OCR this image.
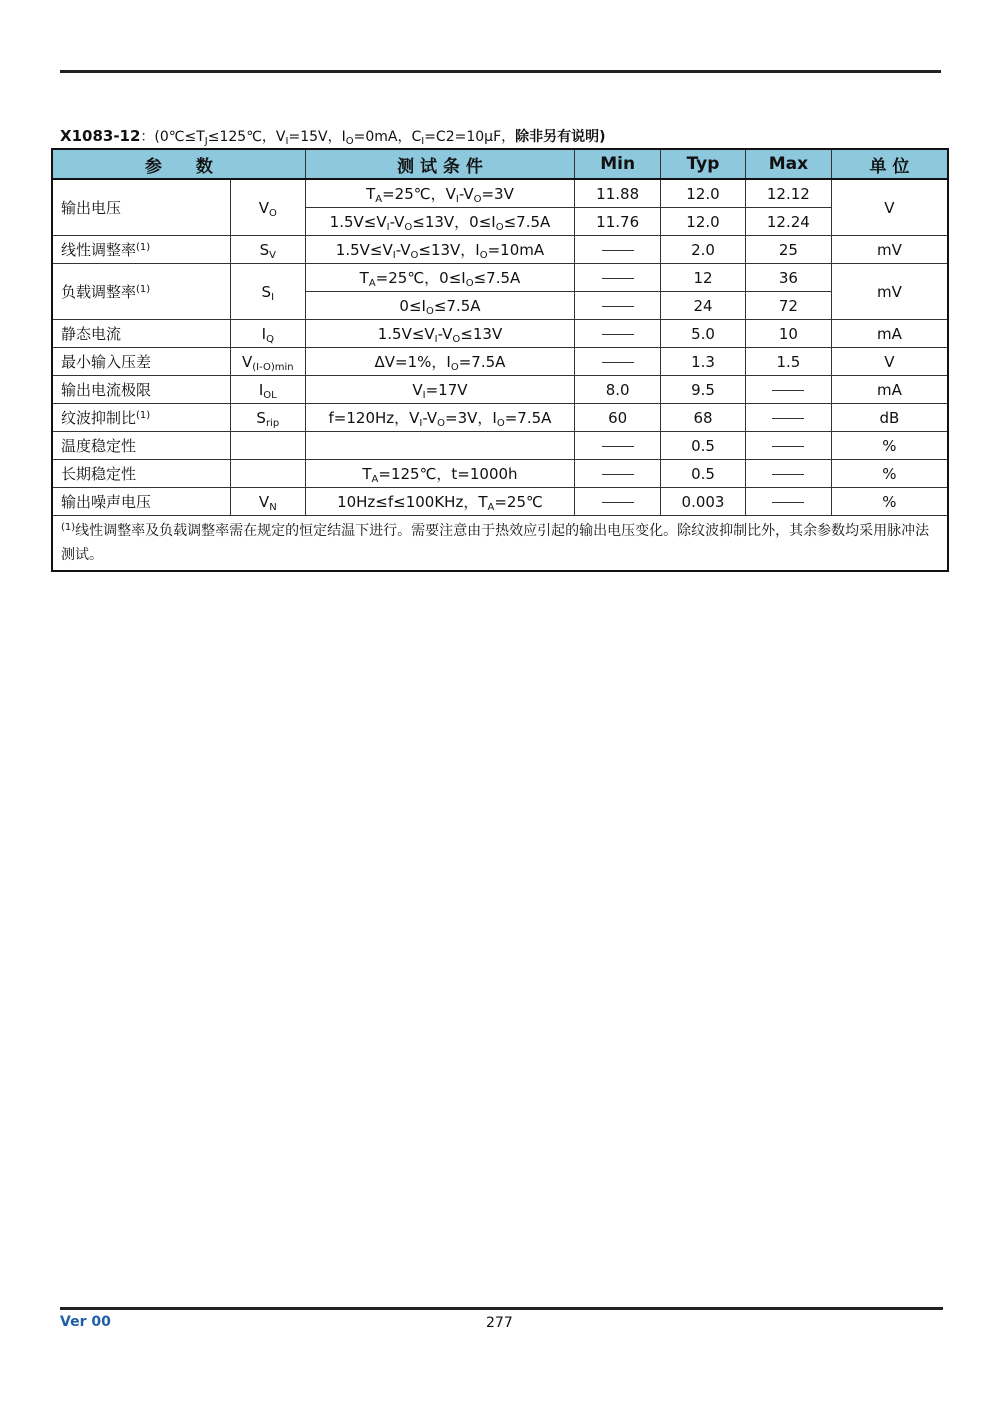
X1083-12：($0℃\le T_J\le 125℃$，$V_I=15V$，$I_O=0mA$，$C_I=C2=10\mu F$，除非另有说明)
参　　数		测 试 条 件	Min	Typ	Max	单 位
输出电压	$V_O$	$T_A=25℃$，$V_I-V_O=3V$	11.88	12.0	12.12	V
		$1.5V\le V_I-V_O\le 13V$，$0\le I_O\le 7.5A$	11.76	12.0	12.24	
线性调整率$^{(1)}$	$S_V$	$1.5V\le V_I-V_O\le 13V$，$I_O=10mA$		2.0	25	mV
负载调整率$^{(1)}$	$S_I$	$T_A=25℃$，$0\le I_O\le 7.5A$		12	36	mV
		$0\le I_O\le 7.5A$		24	72	
静态电流	$I_Q$	$1.5V\le V_I-V_O\le 13V$		5.0	10	mA
最小输入压差	$V_{(I-O)min}$	ΔV=1%，$I_O=7.5A$		1.3	1.5	V
输出电流极限	$I_{OL}$	$V_I=17V$	8.0	9.5		mA
纹波抑制比$^{(1)}$	$S_{rip}$	f=120Hz，$V_I-V_O=3V$，$I_O=7.5A$	60	68		dB
温度稳定性				0.5		%
长期稳定性		$T_A=125℃$，t=1000h		0.5		%
输出噪声电压	$V_N$	10Hz≤f≤100KHz，$T_A=25℃$		0.003		%
$^{(1)}$线性调整率及负载调整率需在规定的恒定结温下进行。需要注意由于热效应引起的输出电压变化。除纹波抑制比外，其余参数均采用脉冲法测试。						
Ver 00	277
